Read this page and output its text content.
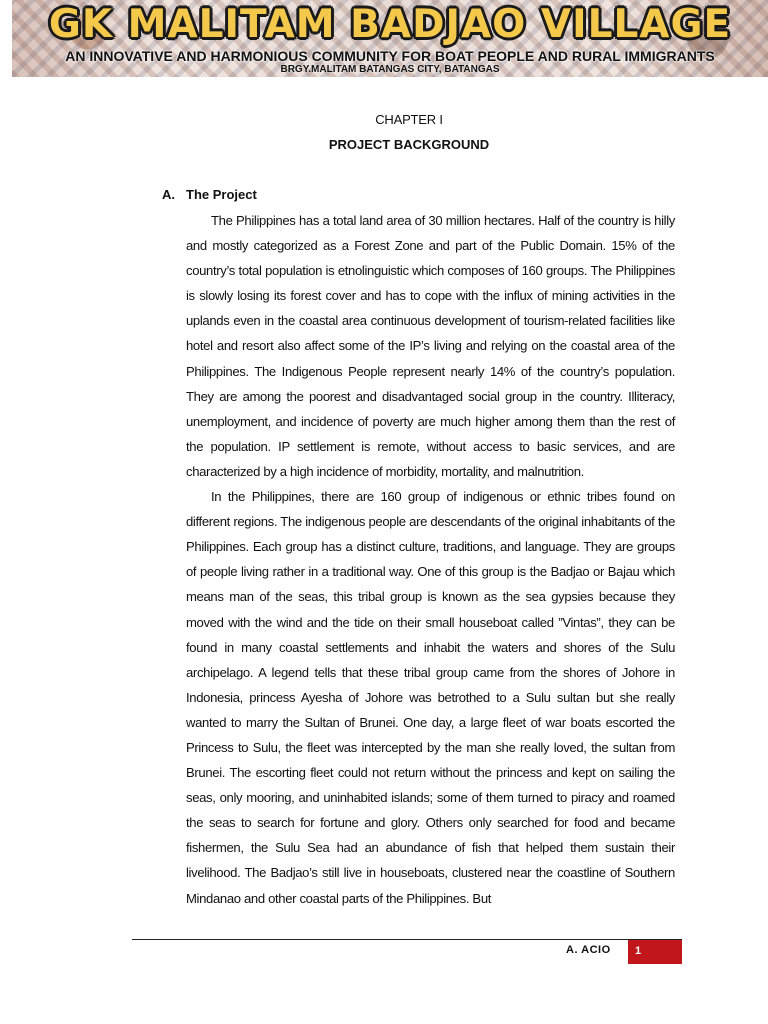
GK MALITAM BADJAO VILLAGE
AN INNOVATIVE AND HARMONIOUS COMMUNITY FOR BOAT PEOPLE AND RURAL IMMIGRANTS
BRGY.MALITAM BATANGAS CITY, BATANGAS
CHAPTER I
PROJECT BACKGROUND
A. The Project

The Philippines has a total land area of 30 million hectares. Half of the country is hilly and mostly categorized as a Forest Zone and part of the Public Domain. 15% of the country’s total population is etnolinguistic which composes of 160 groups. The Philippines is slowly losing its forest cover and has to cope with the influx of mining activities in the uplands even in the coastal area continuous development of tourism-related facilities like hotel and resort also affect some of the IP’s living and relying on the coastal area of the Philippines. The Indigenous People represent nearly 14% of the country’s population. They are among the poorest and disadvantaged social group in the country. Illiteracy, unemployment, and incidence of poverty are much higher among them than the rest of the population. IP settlement is remote, without access to basic services, and are characterized by a high incidence of morbidity, mortality, and malnutrition.

In the Philippines, there are 160 group of indigenous or ethnic tribes found on different regions. The indigenous people are descendants of the original inhabitants of the Philippines. Each group has a distinct culture, traditions, and language. They are groups of people living rather in a traditional way. One of this group is the Badjao or Bajau which means man of the seas, this tribal group is known as the sea gypsies because they moved with the wind and the tide on their small houseboat called ”Vintas”, they can be found in many coastal settlements and inhabit the waters and shores of the Sulu archipelago. A legend tells that these tribal group came from the shores of Johore in Indonesia, princess Ayesha of Johore was betrothed to a Sulu sultan but she really wanted to marry the Sultan of Brunei. One day, a large fleet of war boats escorted the Princess to Sulu, the fleet was intercepted by the man she really loved, the sultan from Brunei. The escorting fleet could not return without the princess and kept on sailing the seas, only mooring, and uninhabited islands; some of them turned to piracy and roamed the seas to search for fortune and glory. Others only searched for food and became fishermen, the Sulu Sea had an abundance of fish that helped them sustain their livelihood. The Badjao’s still live in houseboats, clustered near the coastline of Southern Mindanao and other coastal parts of the Philippines. But

A. ACIO	1
